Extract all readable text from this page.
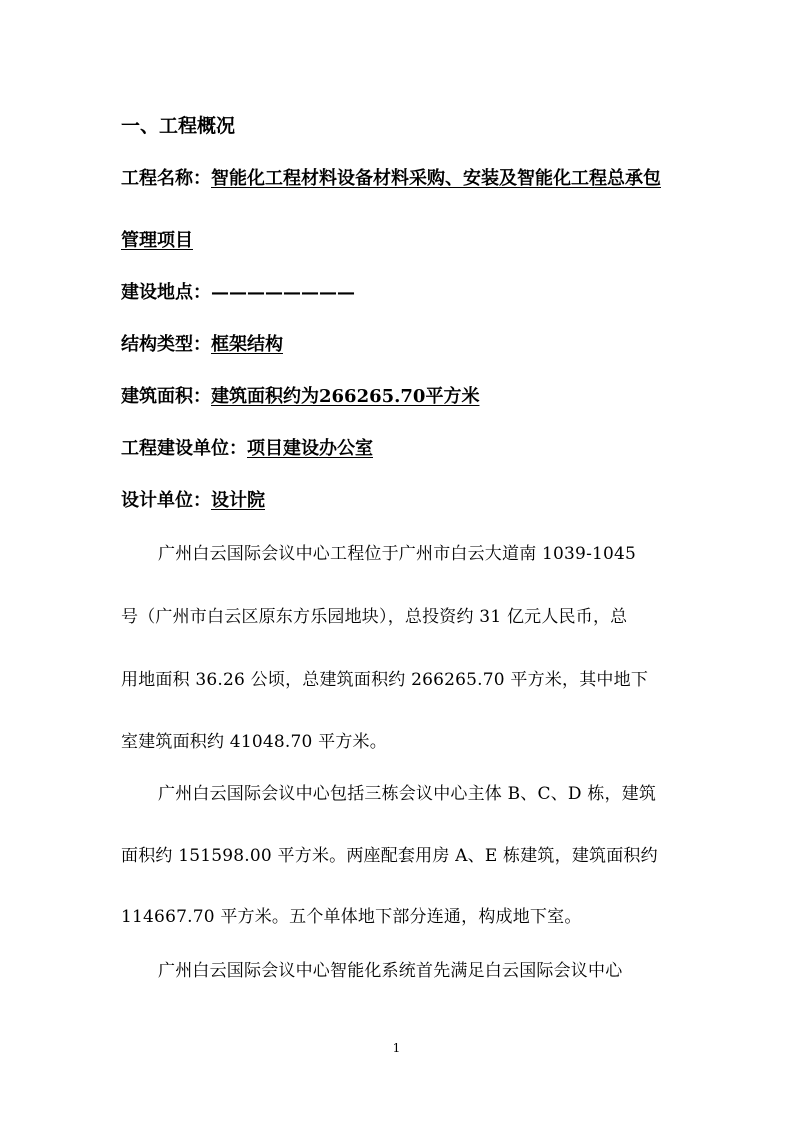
一、工程概况
工程名称：智能化工程材料设备材料采购、安装及智能化工程总承包
管理项目
建设地点：————————
结构类型：框架结构
建筑面积：建筑面积约为266265.70平方米
工程建设单位：项目建设办公室
设计单位：设计院
广州白云国际会议中心工程位于广州市白云大道南 1039-1045
号（广州市白云区原东方乐园地块），总投资约 31 亿元人民币，总
用地面积 36.26 公顷，总建筑面积约 266265.70 平方米，其中地下
室建筑面积约 41048.70 平方米。
广州白云国际会议中心包括三栋会议中心主体 B、C、D 栋，建筑
面积约 151598.00 平方米。两座配套用房 A、E 栋建筑，建筑面积约
114667.70 平方米。五个单体地下部分连通，构成地下室。
广州白云国际会议中心智能化系统首先满足白云国际会议中心
1
